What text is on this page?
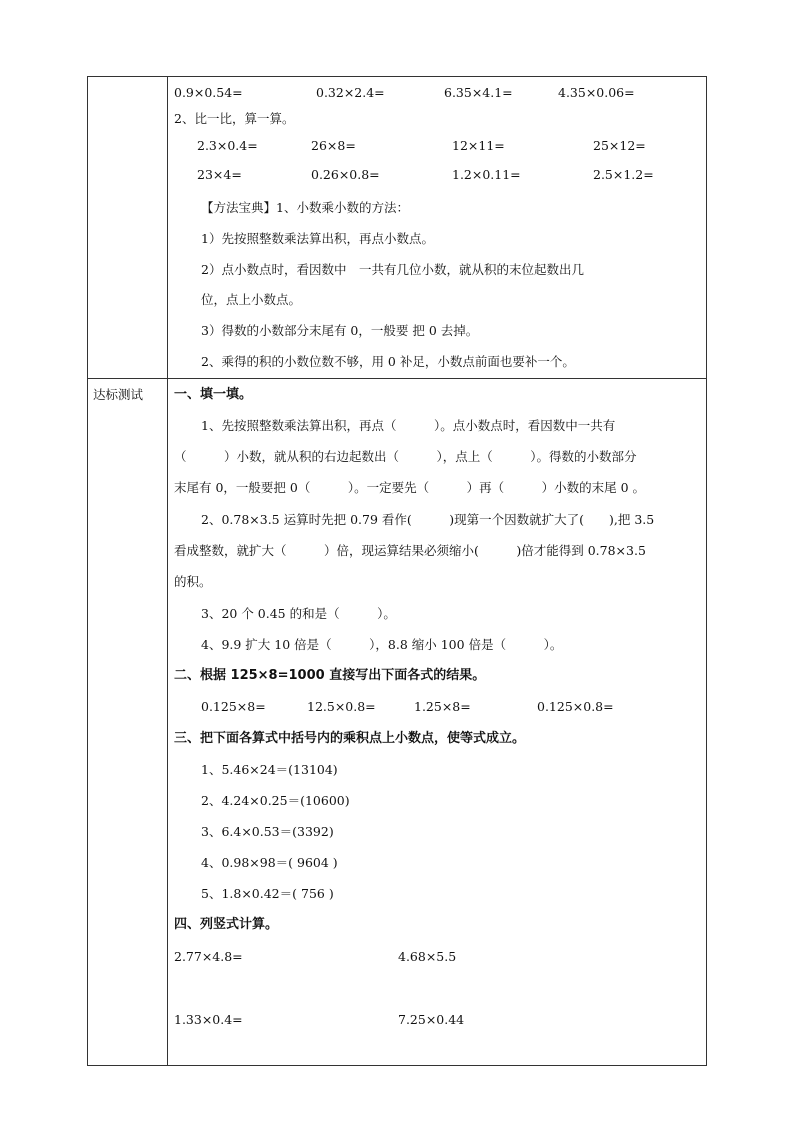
0.9×0.54=	0.32×2.4=	6.35×4.1=	4.35×0.06=
2、比一比，算一算。
2.3×0.4=	26×8=	12×11=	25×12=
23×4=	0.26×0.8=	1.2×0.11=	2.5×1.2=
【方法宝典】1、小数乘小数的方法：
1）先按照整数乘法算出积，再点小数点。
2）点小数点时，看因数中　一共有几位小数，就从积的末位起数出几
位，点上小数点。
3）得数的小数部分末尾有 0，一般要 把 0 去掉。
2、乘得的积的小数位数不够，用 0 补足，小数点前面也要补一个。
达标测试 一、填一填。
1、先按照整数乘法算出积，再点（　　　）。点小数点时，看因数中一共有
（　　　）小数，就从积的右边起数出（　　　），点上（　　　）。得数的小数部分
末尾有 0，一般要把 0（　　　）。一定要先（　　　）再（　　　）小数的末尾 0 。
2、0.78×3.5 运算时先把 0.79 看作(　　　)现第一个因数就扩大了(　　),把 3.5
看成整数，就扩大（　　　）倍，现运算结果必须缩小(　　　)倍才能得到 0.78×3.5
的积。
3、20 个 0.45 的和是（　　　）。
4、9.9 扩大 10 倍是（　　　），8.8 缩小 100 倍是（　　　）。
二、根据 125×8=1000 直接写出下面各式的结果。
0.125×8=	12.5×0.8=	1.25×8=	0.125×0.8=
三、把下面各算式中括号内的乘积点上小数点，使等式成立。
1、5.46×24＝(13104)
2、4.24×0.25＝(10600)
3、6.4×0.53＝(3392)
4、0.98×98＝( 9604 )
5、1.8×0.42＝( 756 )
四、列竖式计算。
2.77×4.8=	4.68×5.5
1.33×0.4=	7.25×0.44
